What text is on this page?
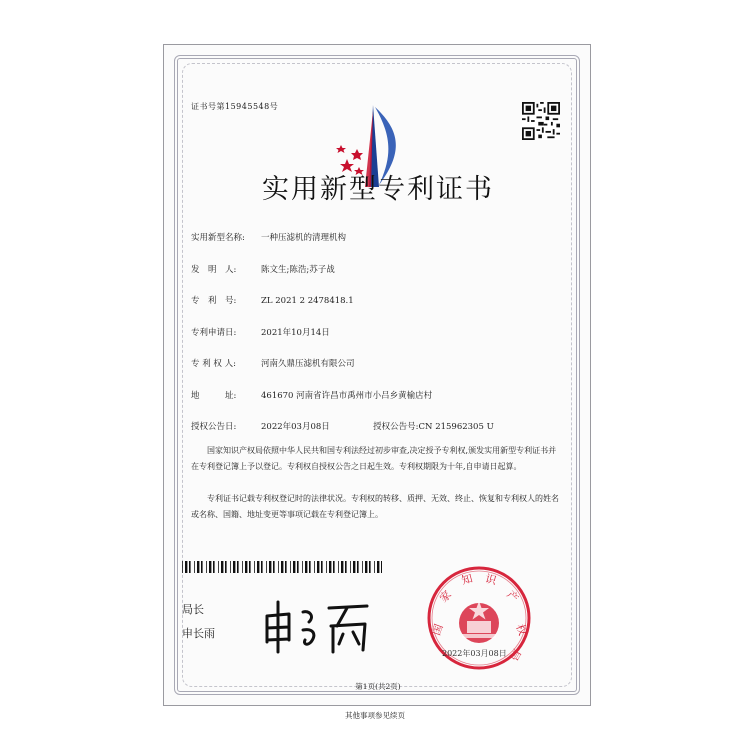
证书号第15945548号
实用新型专利证书
实用新型名称: 一种压滤机的清理机构
发　明　人:	陈文生;陈浩;苏子战
专　利　号:	ZL 2021 2 2478418.1
专利申请日:	2021年10月14日
专 利 权 人:	河南久鼎压滤机有限公司
地　　　址:	461670 河南省许昌市禹州市小吕乡黄榆店村
授权公告日:	2022年03月08日	授权公告号:CN 215962305 U
国家知识产权局依照中华人民共和国专利法经过初步审查,决定授予专利权,颁发实用新型专利证书并在专利登记簿上予以登记。专利权自授权公告之日起生效。专利权期限为十年,自申请日起算。
专利证书记载专利权登记时的法律状况。专利权的转移、质押、无效、终止、恢复和专利权人的姓名或名称、国籍、地址变更等事项记载在专利登记簿上。
局长
申长雨	国
家
知 识
产
权
局
2022年03月08日
第1页(共2页)
其他事项参见续页
